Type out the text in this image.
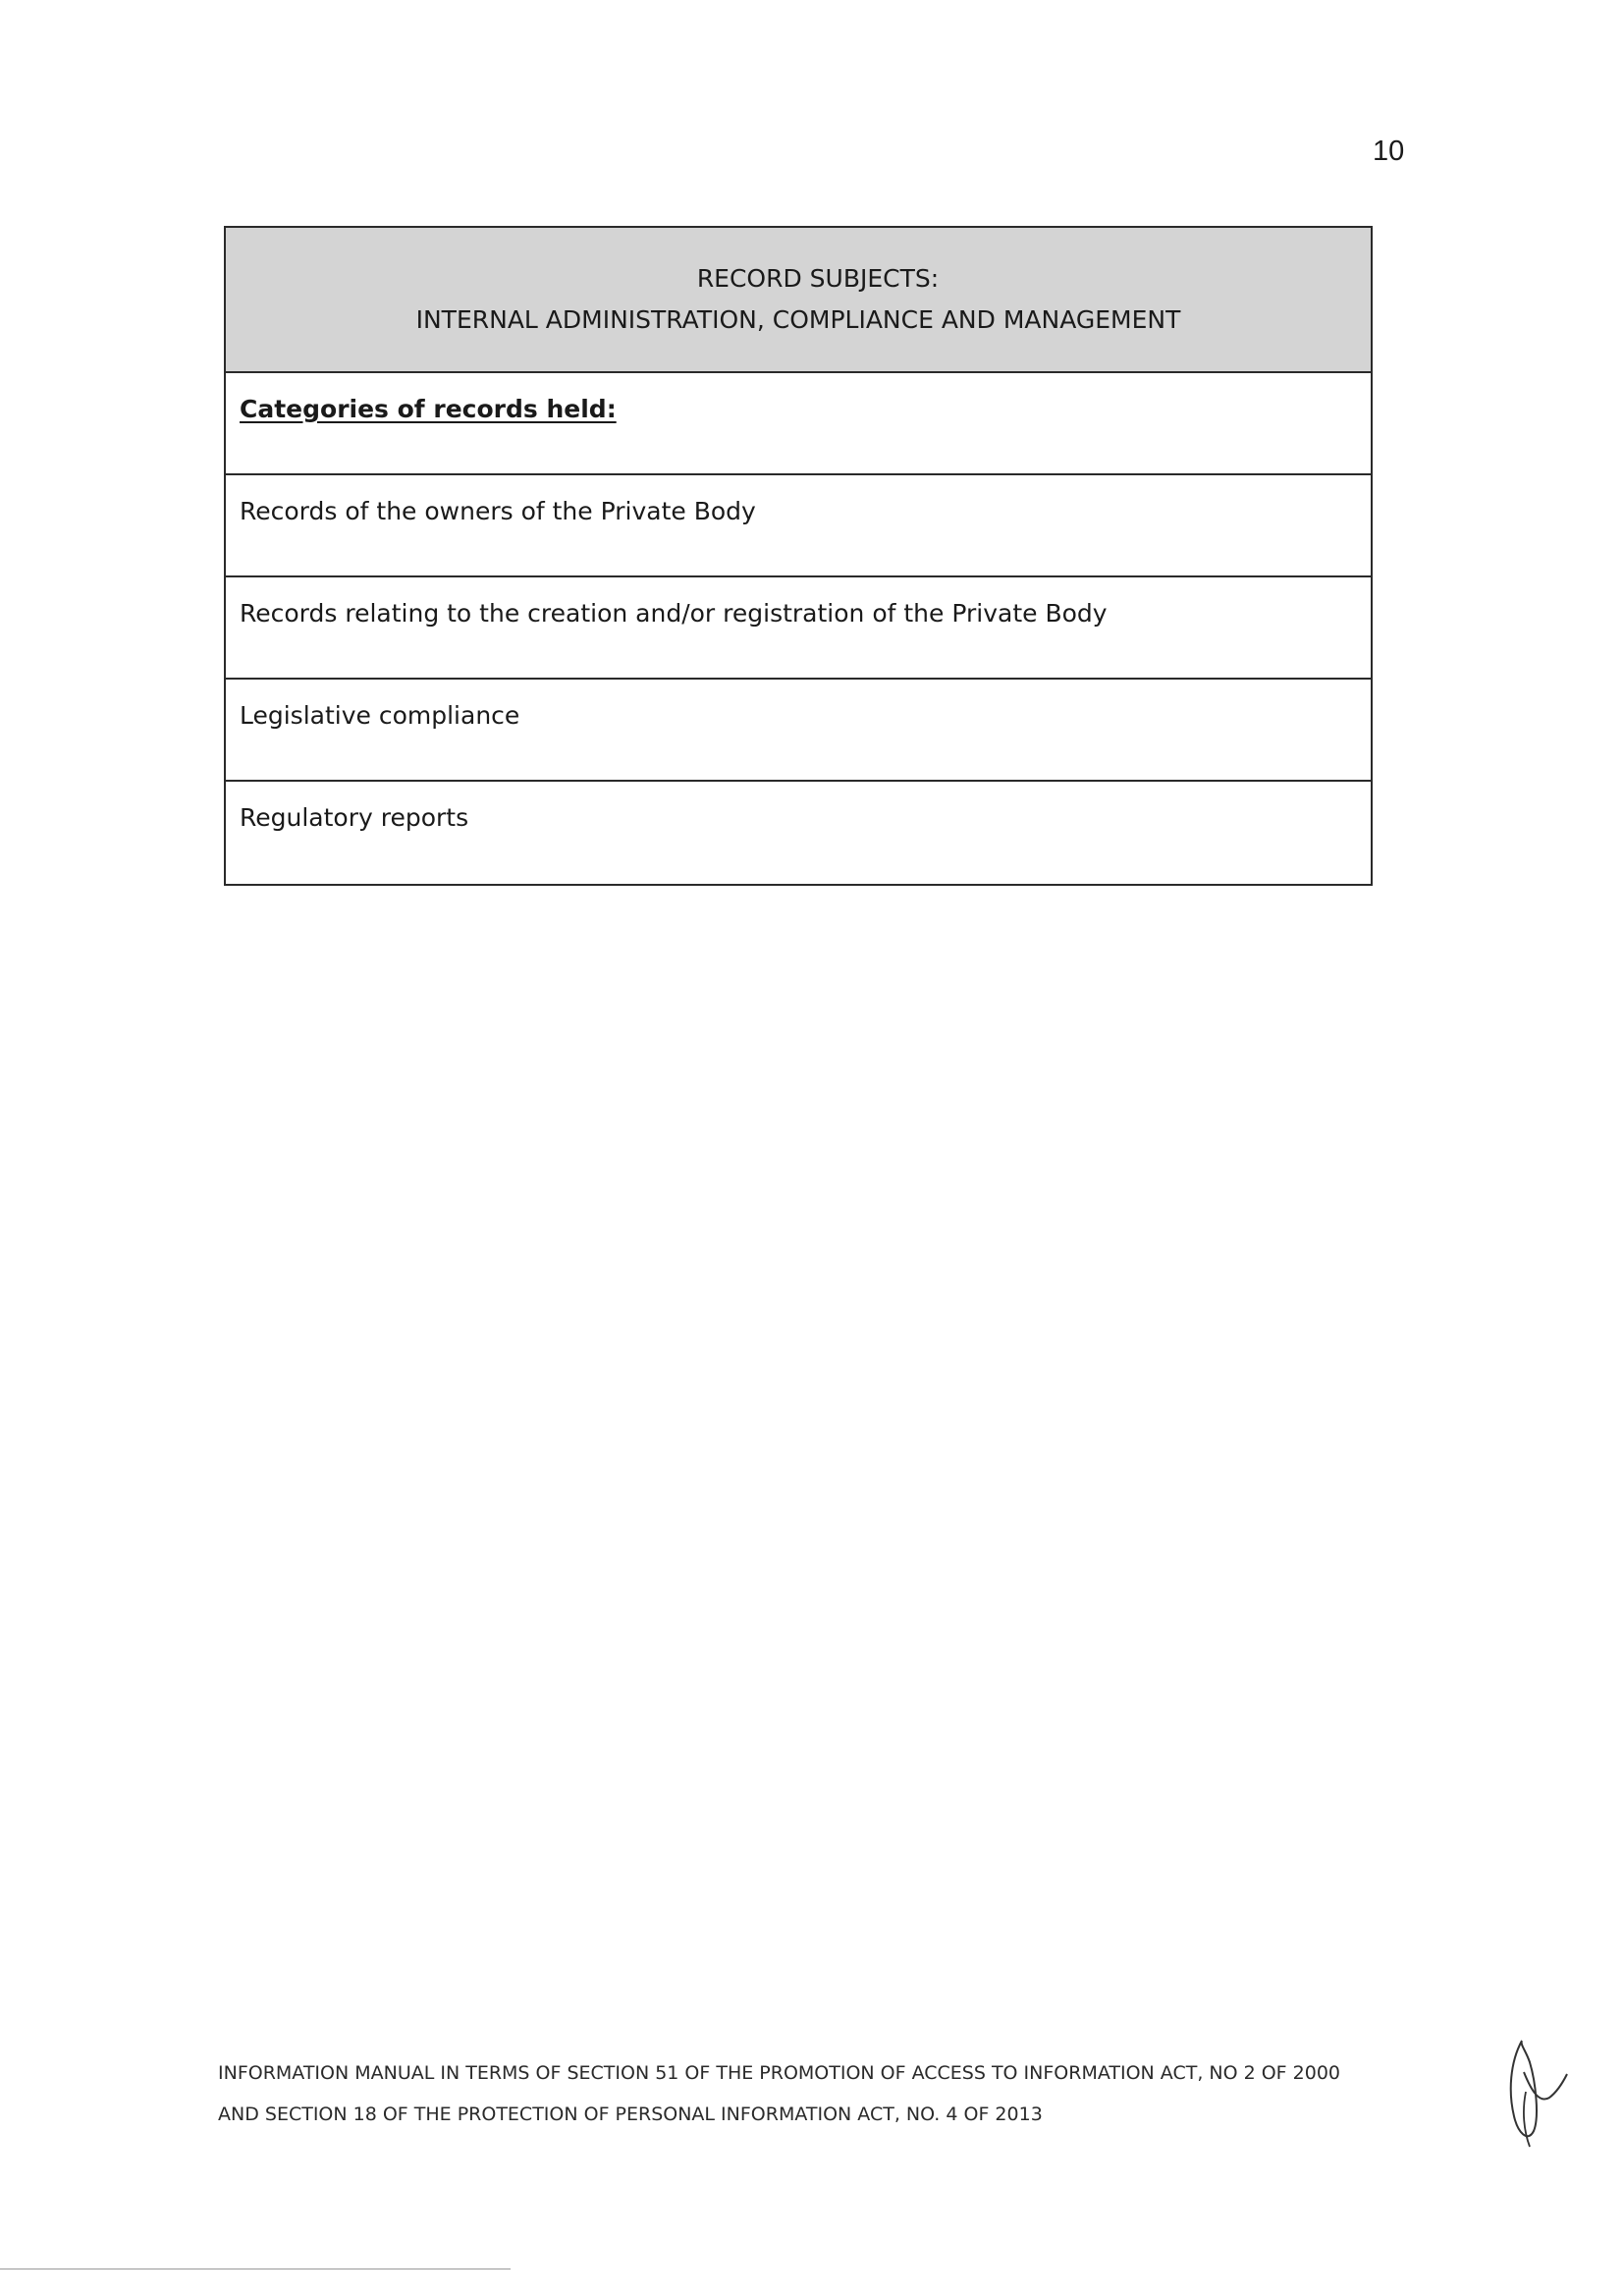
10
RECORD SUBJECTS:
INTERNAL ADMINISTRATION, COMPLIANCE AND MANAGEMENT
Categories of records held:
Records of the owners of the Private Body
Records relating to the creation and/or registration of the Private Body
Legislative compliance
Regulatory reports
INFORMATION MANUAL IN TERMS OF SECTION 51 OF THE PROMOTION OF ACCESS TO INFORMATION ACT, NO 2 OF 2000
AND SECTION 18 OF THE PROTECTION OF PERSONAL INFORMATION ACT, NO. 4 OF 2013
